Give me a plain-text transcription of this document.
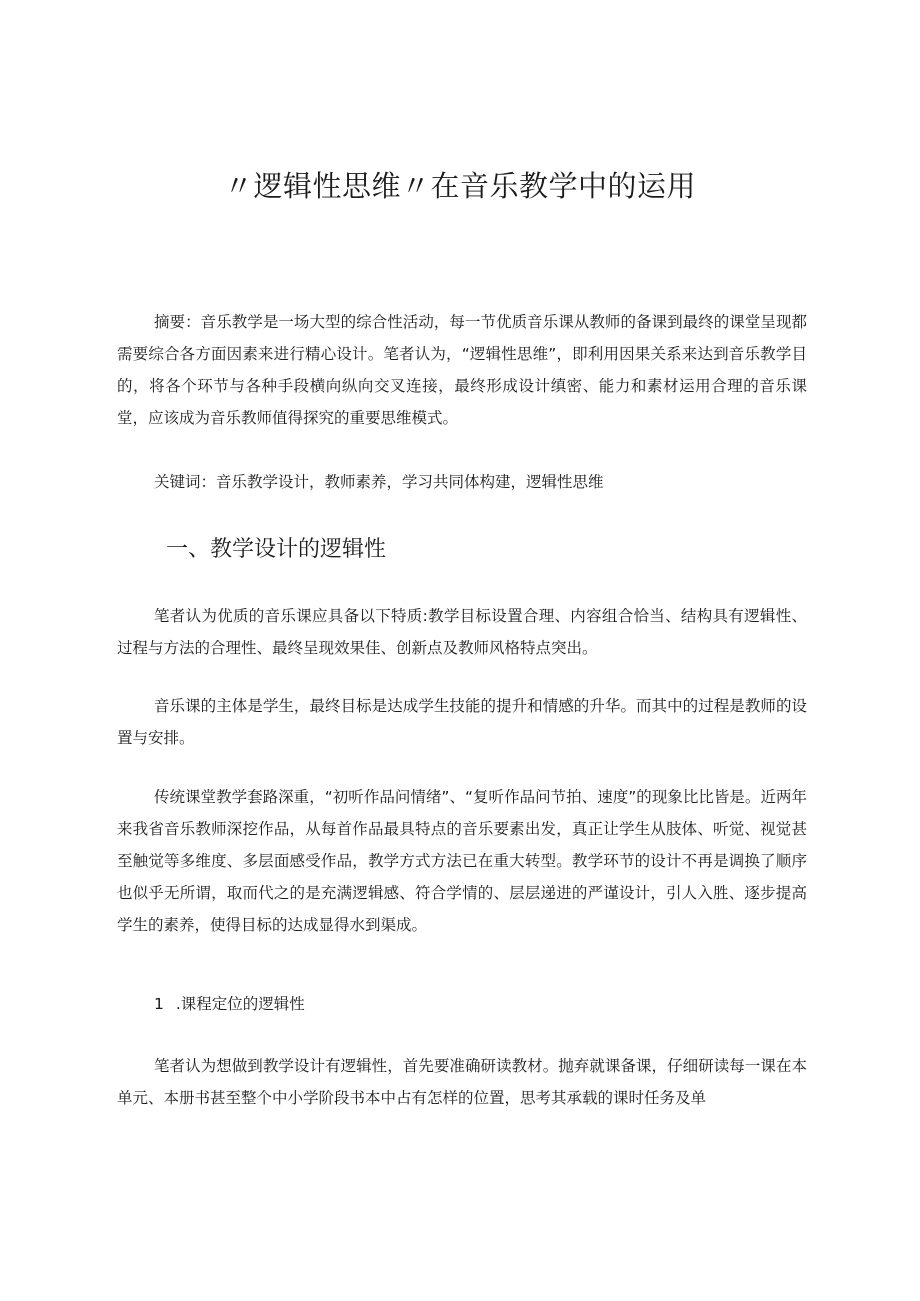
〃逻辑性思维〃在音乐教学中的运用

摘要：音乐教学是一场大型的综合性活动，每一节优质音乐课从教师的备课到最终的课堂呈现都需要综合各方面因素来进行精心设计。笔者认为，“逻辑性思维”，即利用因果关系来达到音乐教学目的，将各个环节与各种手段横向纵向交叉连接，最终形成设计缜密、能力和素材运用合理的音乐课堂，应该成为音乐教师值得探究的重要思维模式。

关键词：音乐教学设计，教师素养，学习共同体构建，逻辑性思维

一、教学设计的逻辑性

笔者认为优质的音乐课应具备以下特质:教学目标设置合理、内容组合恰当、结构具有逻辑性、过程与方法的合理性、最终呈现效果佳、创新点及教师风格特点突出。

音乐课的主体是学生，最终目标是达成学生技能的提升和情感的升华。而其中的过程是教师的设置与安排。

传统课堂教学套路深重，“初听作品问情绪”、“复听作品问节拍、速度”的现象比比皆是。近两年来我省音乐教师深挖作品，从每首作品最具特点的音乐要素出发，真正让学生从肢体、听觉、视觉甚至触觉等多维度、多层面感受作品，教学方式方法已在重大转型。教学环节的设计不再是调换了顺序也似乎无所谓，取而代之的是充满逻辑感、符合学情的、层层递进的严谨设计，引人入胜、逐步提高学生的素养，使得目标的达成显得水到渠成。

1 .课程定位的逻辑性

笔者认为想做到教学设计有逻辑性，首先要准确研读教材。抛弃就课备课，仔细研读每一课在本单元、本册书甚至整个中小学阶段书本中占有怎样的位置，思考其承载的课时任务及单
